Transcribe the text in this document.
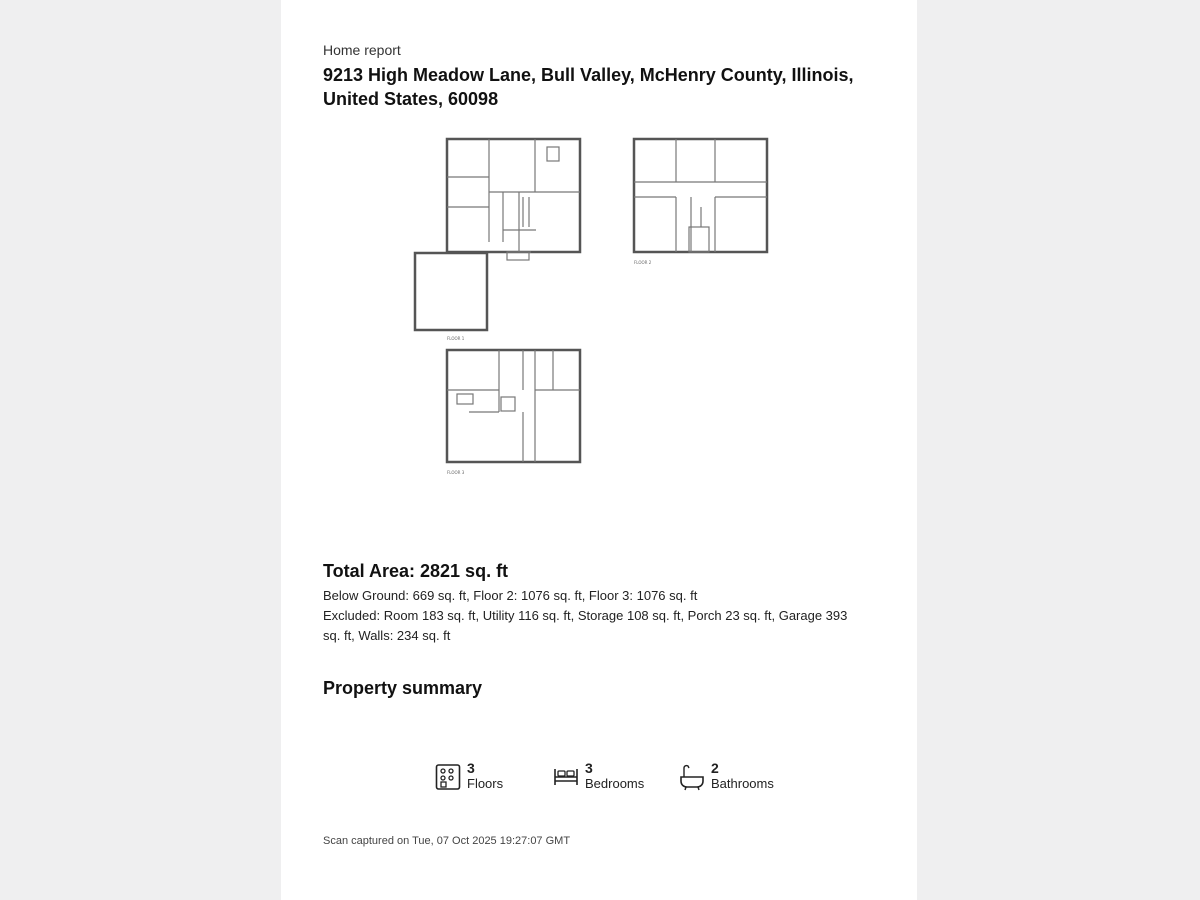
Home report
9213 High Meadow Lane, Bull Valley, McHenry County, Illinois, United States, 60098
FLOOR 1
FLOOR 2
FLOOR 3
Total Area: 2821 sq. ft
Below Ground: 669 sq. ft, Floor 2: 1076 sq. ft, Floor 3: 1076 sq. ft
Excluded: Room 183 sq. ft, Utility 116 sq. ft, Storage 108 sq. ft, Porch 23 sq. ft, Garage 393 sq. ft, Walls: 234 sq. ft
Property summary
3
Floors
3
Bedrooms
2
Bathrooms
Scan captured on Tue, 07 Oct 2025 19:27:07 GMT
